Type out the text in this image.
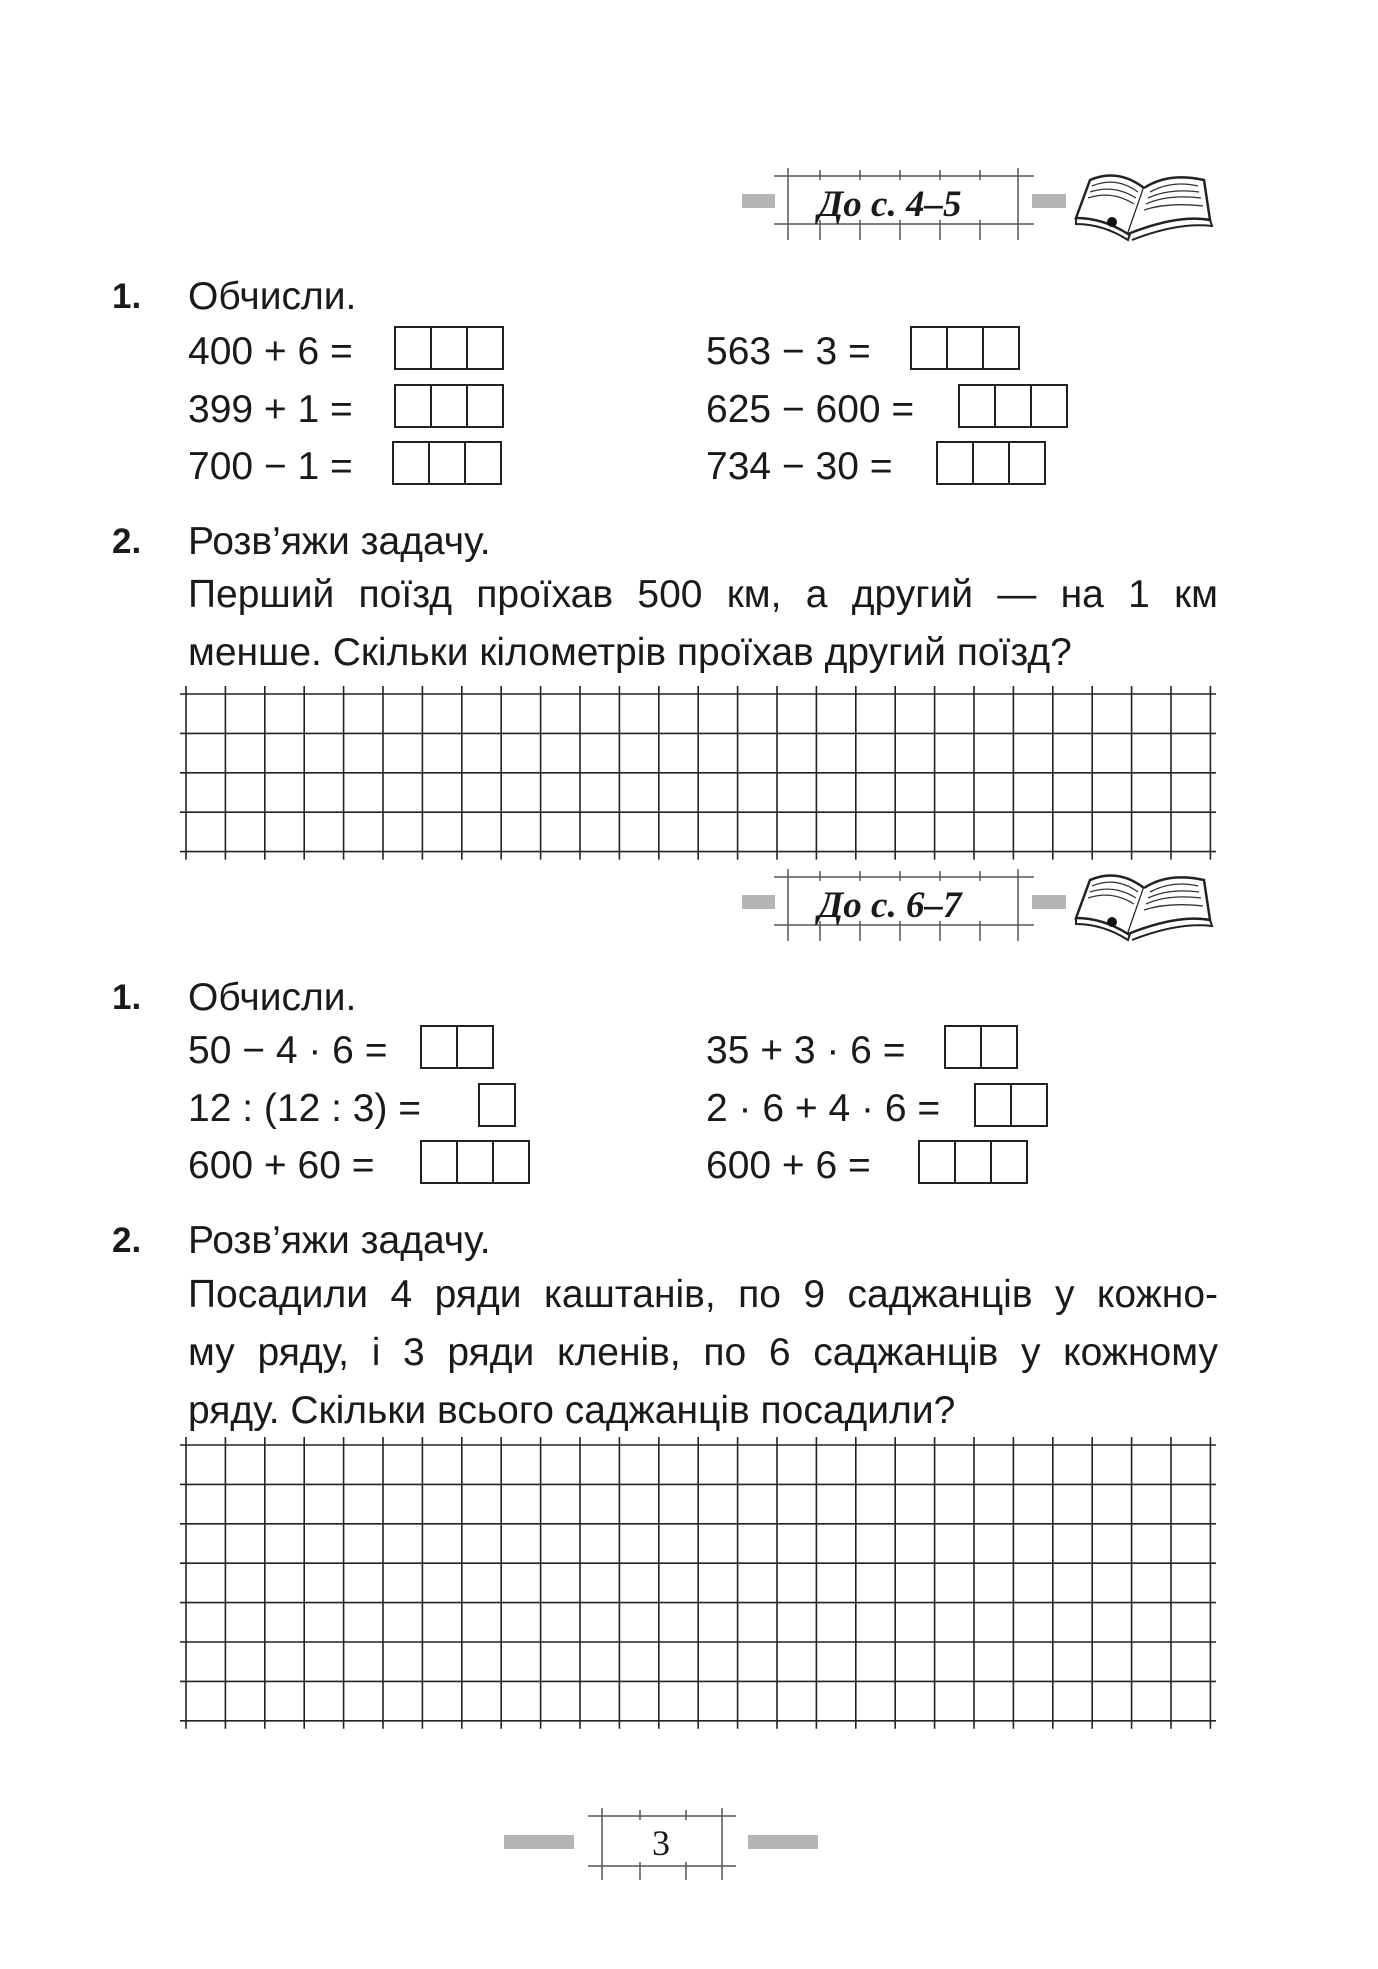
До с. 4–5
1. Обчисли.
400 + 6 =
399 + 1 =
700 − 1 =
563 − 3 =
625 − 600 =
734 − 30 =
2. Розв’яжи задачу.
Перший поїзд проїхав 500 км, а другий — на 1 км
менше. Скільки кілометрів проїхав другий поїзд?
До с. 6–7
1. Обчисли.
50 − 4 · 6 =
12 : (12 : 3) =
600 + 60 =
35 + 3 · 6 =
2 · 6 + 4 · 6 =
600 + 6 =
2. Розв’яжи задачу.
Посадили 4 ряди каштанів, по 9 саджанців у кожно-
му ряду, і 3 ряди кленів, по 6 саджанців у кожному
ряду. Скільки всього саджанців посадили?
3
